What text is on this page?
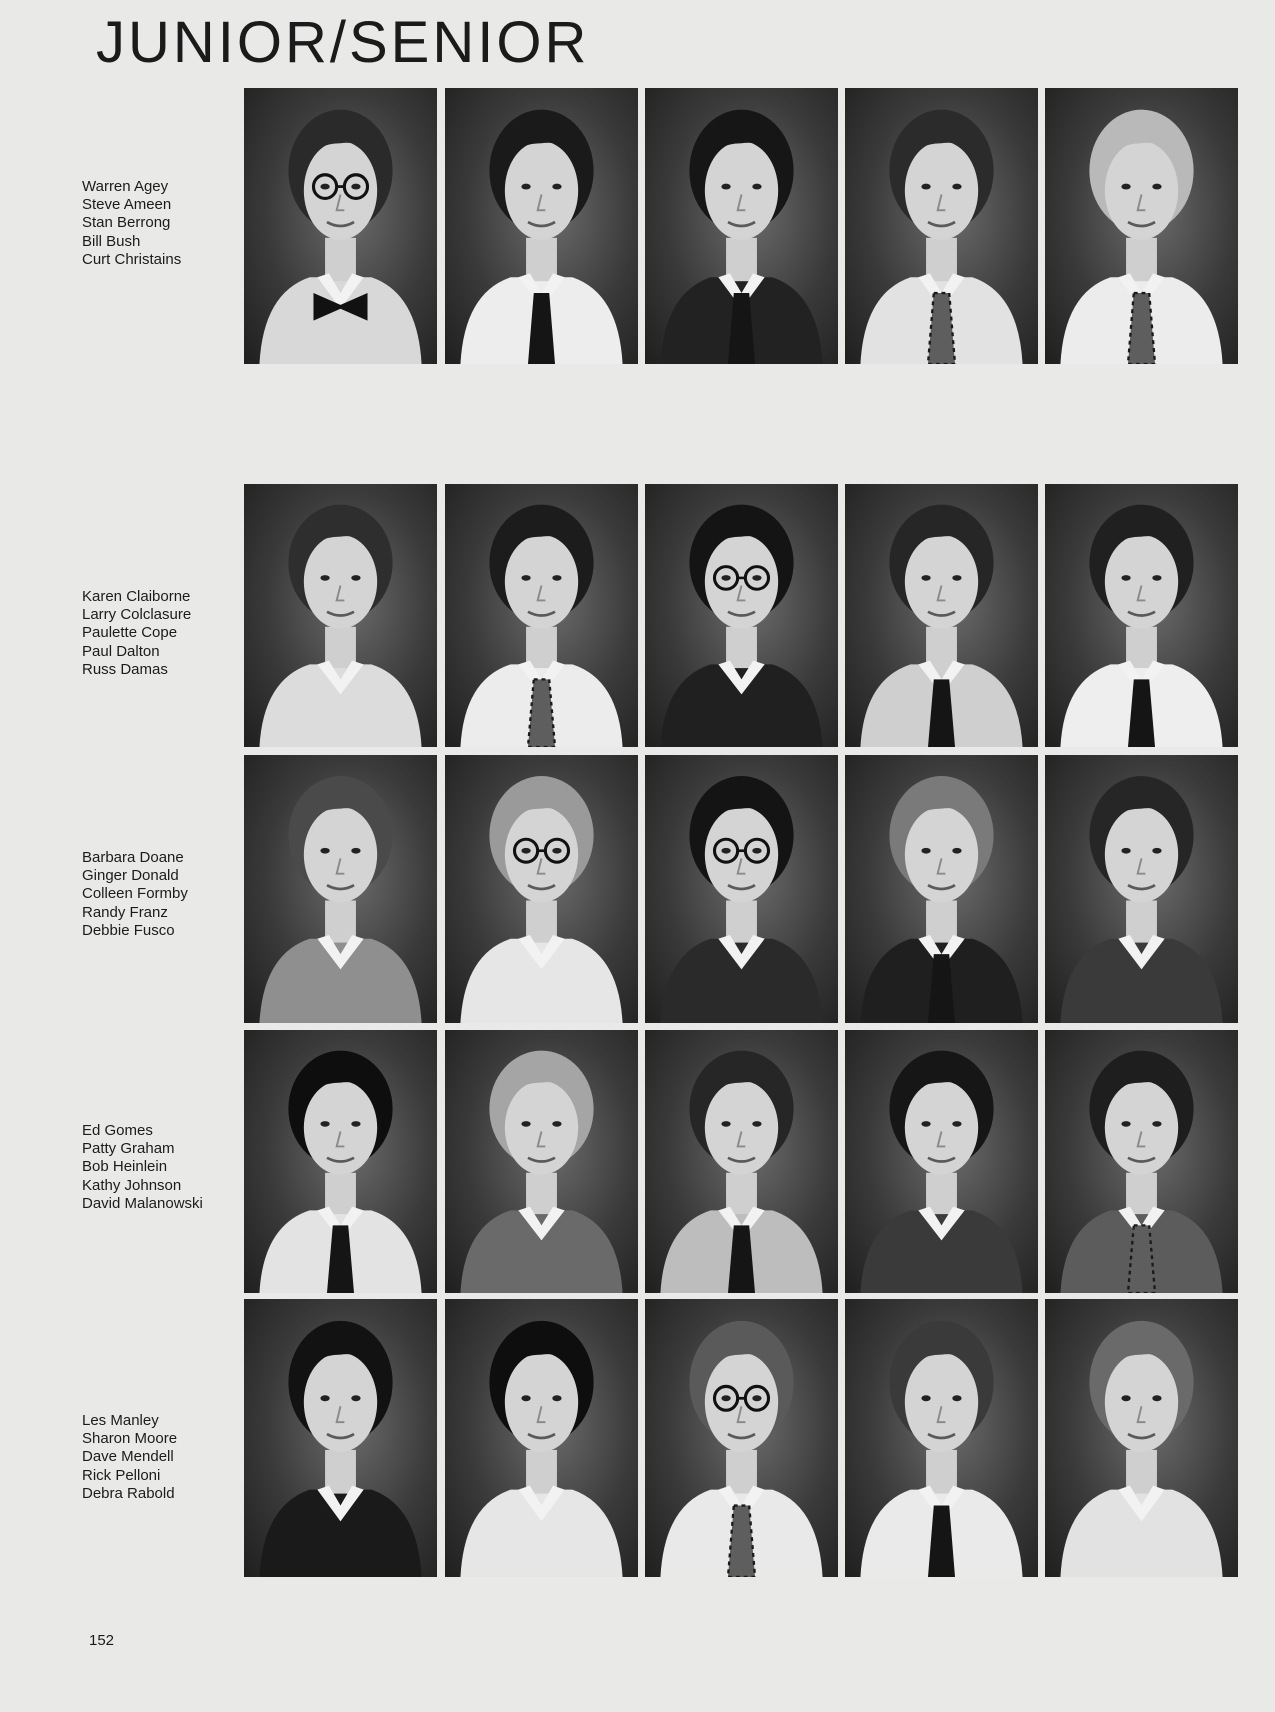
JUNIOR/SENIOR
Warren Agey
Steve Ameen
Stan Berrong
Bill Bush
Curt Christains
Karen Claiborne
Larry Colclasure
Paulette Cope
Paul Dalton
Russ Damas
Barbara Doane
Ginger Donald
Colleen Formby
Randy Franz
Debbie Fusco
Ed Gomes
Patty Graham
Bob Heinlein
Kathy Johnson
David Malanowski
Les Manley
Sharon Moore
Dave Mendell
Rick Pelloni
Debra Rabold
152
